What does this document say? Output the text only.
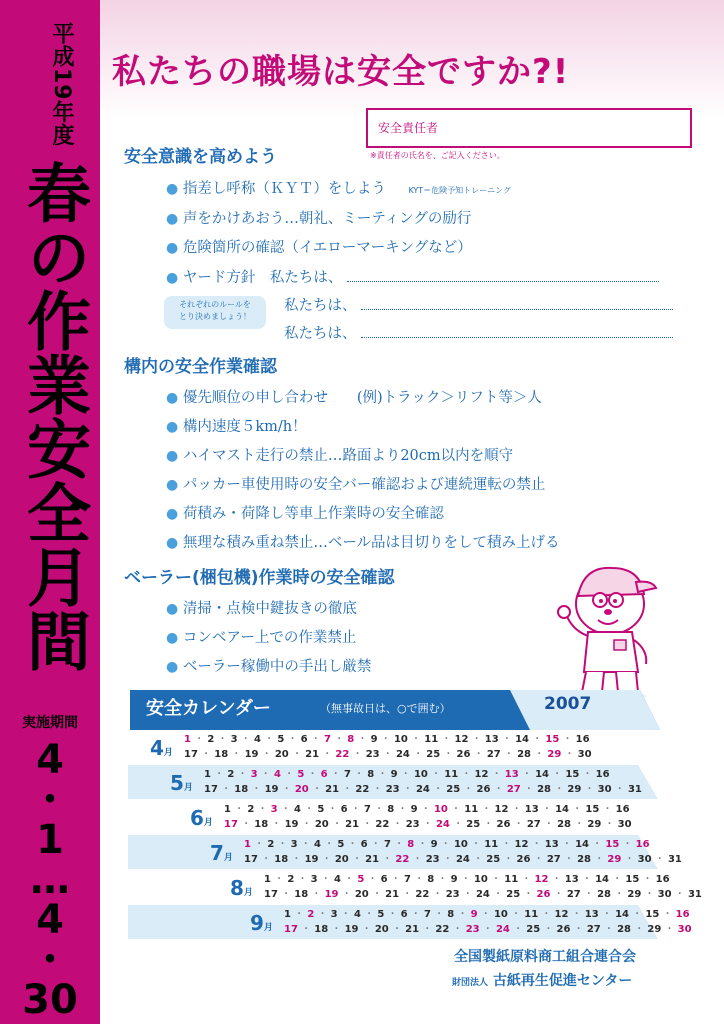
平成19年度
春の作業安全月間
実施期間
4
・
1
…
4
・
30
私たちの職場は安全ですか?!
安全責任者
※責任者の氏名を、ご記入ください。
安全意識を高めよう
● 指差し呼称（ＫＹＴ）をしよう	KYT＝危険予知トレーニング
● 声をかけあおう…朝礼、ミーティングの励行
● 危険箇所の確認（イエローマーキングなど）
● ヤード方針　私たちは、
それぞれのルールを
とり決めましょう！
私たちは、
私たちは、
構内の安全作業確認
● 優先順位の申し合わせ　　(例)トラック＞リフト等＞人
● 構内速度５km/h！
● ハイマスト走行の禁止…路面より20cm以内を順守
● パッカー車使用時の安全バー確認および連続運転の禁止
● 荷積み・荷降し等車上作業時の安全確認
● 無理な積み重ね禁止…ベール品は目切りをして積み上げる
ベーラー(梱包機)作業時の安全確認
● 清掃・点検中鍵抜きの徹底
● コンベアー上での作業禁止
● ベーラー稼働中の手出し厳禁
安全カレンダー	（無事故日は、○で囲む）	2007
4月
1 ・ 2 ・ 3 ・ 4 ・ 5 ・ 6 ・ 7 ・ 8 ・ 9 ・ 10 ・ 11 ・ 12 ・ 13 ・ 14 ・ 15 ・ 16
17 ・ 18 ・ 19 ・ 20 ・ 21 ・ 22 ・ 23 ・ 24 ・ 25 ・ 26 ・ 27 ・ 28 ・ 29 ・ 30
5月
1 ・ 2 ・ 3 ・ 4 ・ 5 ・ 6 ・ 7 ・ 8 ・ 9 ・ 10 ・ 11 ・ 12 ・ 13 ・ 14 ・ 15 ・ 16
17 ・ 18 ・ 19 ・ 20 ・ 21 ・ 22 ・ 23 ・ 24 ・ 25 ・ 26 ・ 27 ・ 28 ・ 29 ・ 30 ・ 31
6月
1 ・ 2 ・ 3 ・ 4 ・ 5 ・ 6 ・ 7 ・ 8 ・ 9 ・ 10 ・ 11 ・ 12 ・ 13 ・ 14 ・ 15 ・ 16
17 ・ 18 ・ 19 ・ 20 ・ 21 ・ 22 ・ 23 ・ 24 ・ 25 ・ 26 ・ 27 ・ 28 ・ 29 ・ 30
7月
1 ・ 2 ・ 3 ・ 4 ・ 5 ・ 6 ・ 7 ・ 8 ・ 9 ・ 10 ・ 11 ・ 12 ・ 13 ・ 14 ・ 15 ・ 16
17 ・ 18 ・ 19 ・ 20 ・ 21 ・ 22 ・ 23 ・ 24 ・ 25 ・ 26 ・ 27 ・ 28 ・ 29 ・ 30 ・ 31
8月
1 ・ 2 ・ 3 ・ 4 ・ 5 ・ 6 ・ 7 ・ 8 ・ 9 ・ 10 ・ 11 ・ 12 ・ 13 ・ 14 ・ 15 ・ 16
17 ・ 18 ・ 19 ・ 20 ・ 21 ・ 22 ・ 23 ・ 24 ・ 25 ・ 26 ・ 27 ・ 28 ・ 29 ・ 30 ・ 31
9月
1 ・ 2 ・ 3 ・ 4 ・ 5 ・ 6 ・ 7 ・ 8 ・ 9 ・ 10 ・ 11 ・ 12 ・ 13 ・ 14 ・ 15 ・ 16
17 ・ 18 ・ 19 ・ 20 ・ 21 ・ 22 ・ 23 ・ 24 ・ 25 ・ 26 ・ 27 ・ 28 ・ 29 ・ 30
全国製紙原料商工組合連合会
財団法人 古紙再生促進センター
